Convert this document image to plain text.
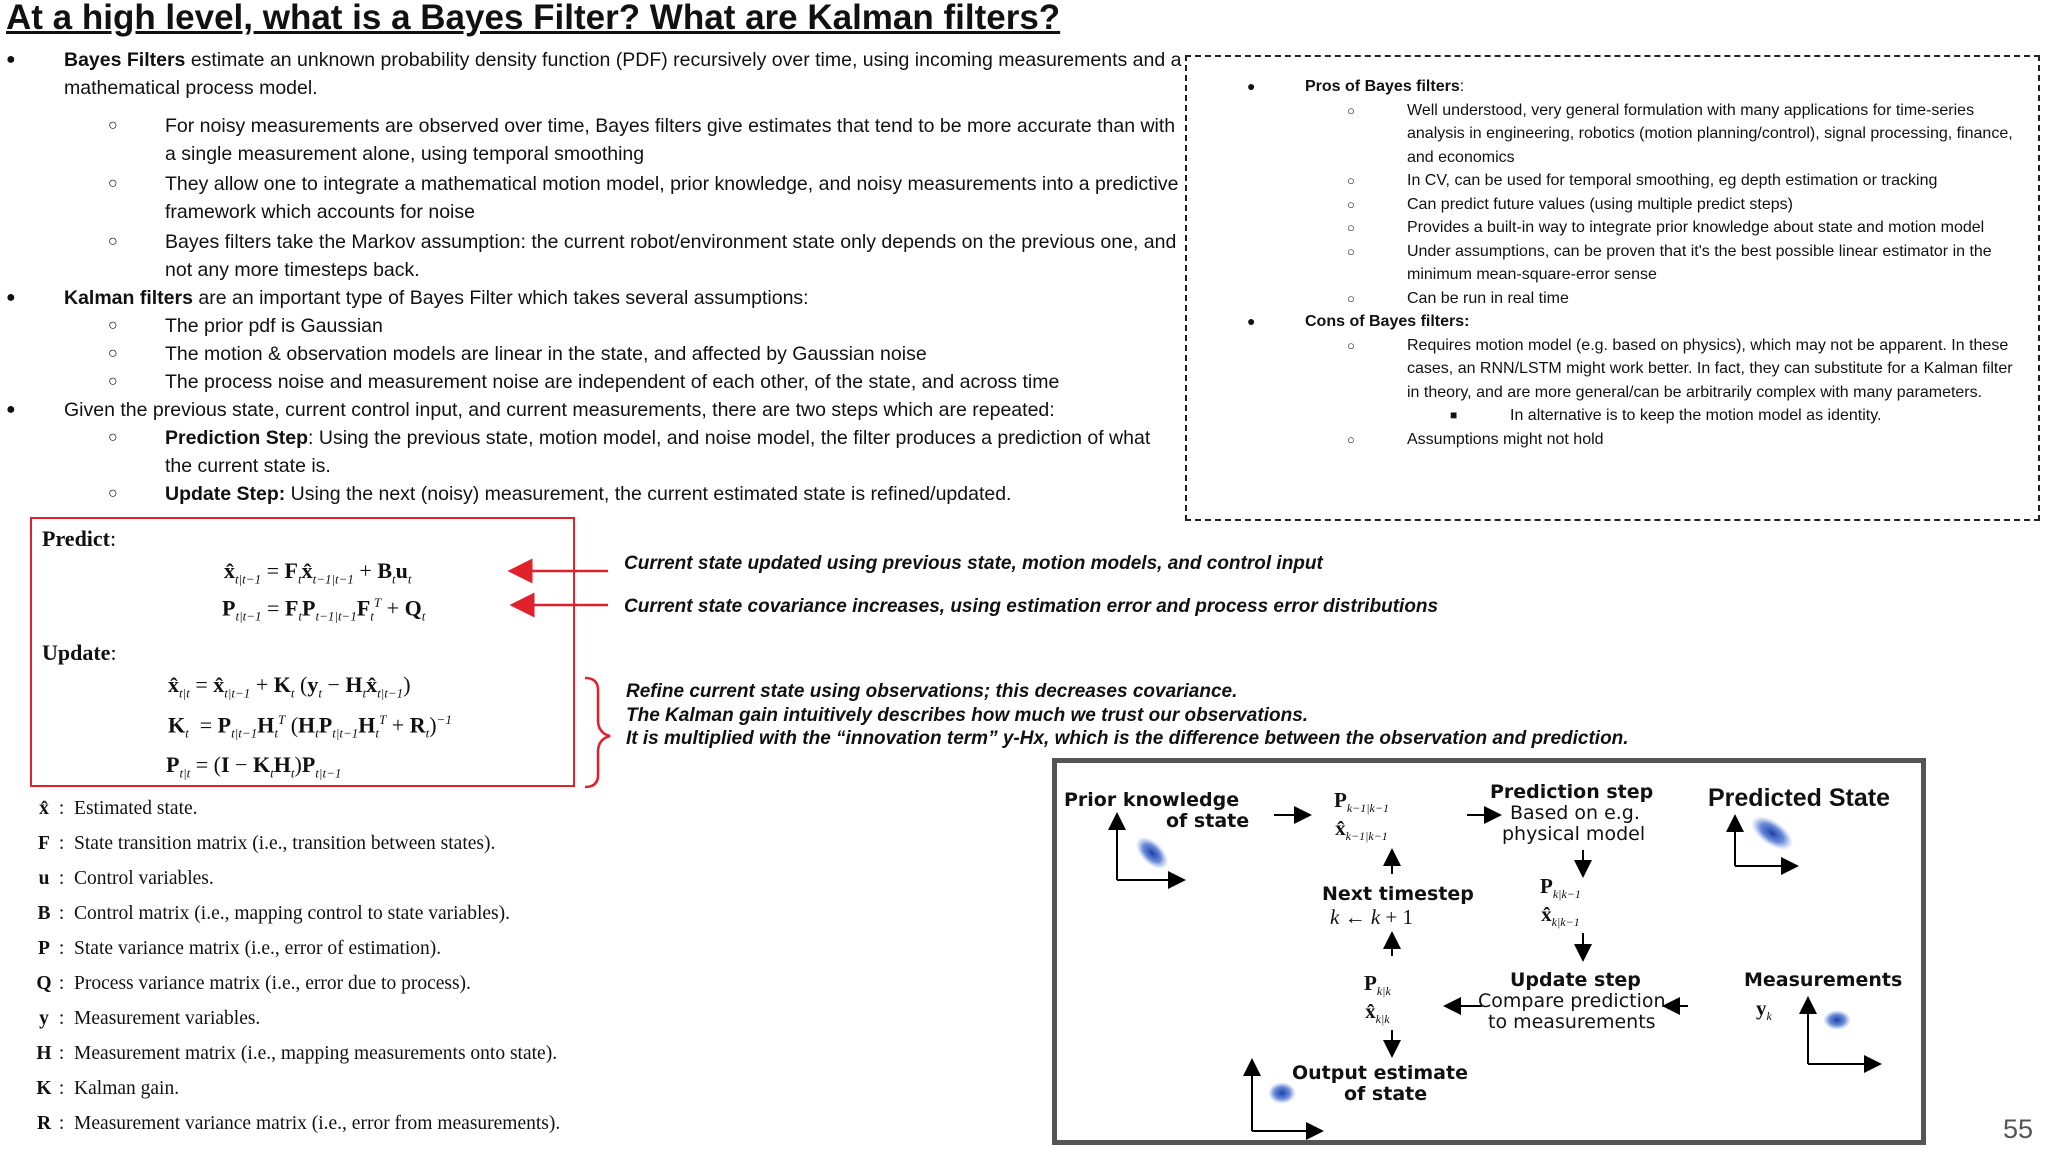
At a high level, what is a Bayes Filter? What are Kalman filters?
● Bayes Filters estimate an unknown probability density function (PDF) recursively over time, using incoming measurements and a mathematical process model.
○ For noisy measurements are observed over time, Bayes filters give estimates that tend to be more accurate than with a single measurement alone, using temporal smoothing
○ They allow one to integrate a mathematical motion model, prior knowledge, and noisy measurements into a predictive framework which accounts for noise
○ Bayes filters take the Markov assumption: the current robot/environment state only depends on the previous one, and not any more timesteps back.
● Kalman filters are an important type of Bayes Filter which takes several assumptions:
○ The prior pdf is Gaussian
○ The motion & observation models are linear in the state, and affected by Gaussian noise
○ The process noise and measurement noise are independent of each other, of the state, and across time
● Given the previous state, current control input, and current measurements, there are two steps which are repeated:
○ Prediction Step: Using the previous state, motion model, and noise model, the filter produces a prediction of what the current state is.
○ Update Step: Using the next (noisy) measurement, the current estimated state is refined/updated.
●	Pros of Bayes filters:
○	Well understood, very general formulation with many applications for time-series analysis in engineering, robotics (motion planning/control), signal processing, finance, and economics
○	In CV, can be used for temporal smoothing, eg depth estimation or tracking
○	Can predict future values (using multiple predict steps)
○	Provides a built-in way to integrate prior knowledge about state and motion model
○	Under assumptions, can be proven that it's the best possible linear estimator in the minimum mean-square-error sense
○	Can be run in real time
●	Cons of Bayes filters:
○	Requires motion model (e.g. based on physics), which may not be apparent. In these cases, an RNN/LSTM might work better. In fact, they can substitute for a Kalman filter in theory, and are more general/can be arbitrarily complex with many parameters.
■	In alternative is to keep the motion model as identity.
○	Assumptions might not hold
Predict:
$x̂_{t|t-1}$ = $F_tx̂_{t-1|t-1} + B_tu_t$
$P_{t|t-1} = F_tP_{t-1|t-1}F_t^T + Q_t$
Update:
$x̂_{t|t}$ = $x̂_{t|t-1} + K_t$ ($y_t$ − $H_tx̂_{t|t-1}$)
$K_t = P_{t|t-1}H_t^T$ $(H_tP_{t|t-1}H_t^T + R_t)^{-1}$
$P_{t|t} = (I - K_tH_t)P_{t|t-1}$
Current state updated using previous state, motion models, and control input
Current state covariance increases, using estimation error and process error distributions
Refine current state using observations; this decreases covariance.
The Kalman gain intuitively describes how much we trust our observations.
It is multiplied with the “innovation term” y-Hx, which is the difference between the observation and prediction.
x̂ :  Estimated state.
F :  State transition matrix (i.e., transition between states).
u :  Control variables.
B :  Control matrix (i.e., mapping control to state variables).
P :  State variance matrix (i.e., error of estimation).
Q :  Process variance matrix (i.e., error due to process).
y :  Measurement variables.
H :  Measurement matrix (i.e., mapping measurements onto state).
K :  Kalman gain.
R :  Measurement variance matrix (i.e., error from measurements).
Prior knowledge
of state
$P_{k-1|k-1}$
$x̂_{k-1|k-1}$
Prediction step
Based on e.g.
physical model
Predicted State
Next timestep
k ← k + 1
$P_{k|k-1}$
$x̂_{k|k-1}$
$P_{k|k}$
$x̂_{k|k}$
Update step
Compare prediction
to measurements
Measurements
$y_k$
Output estimate
of state
55
